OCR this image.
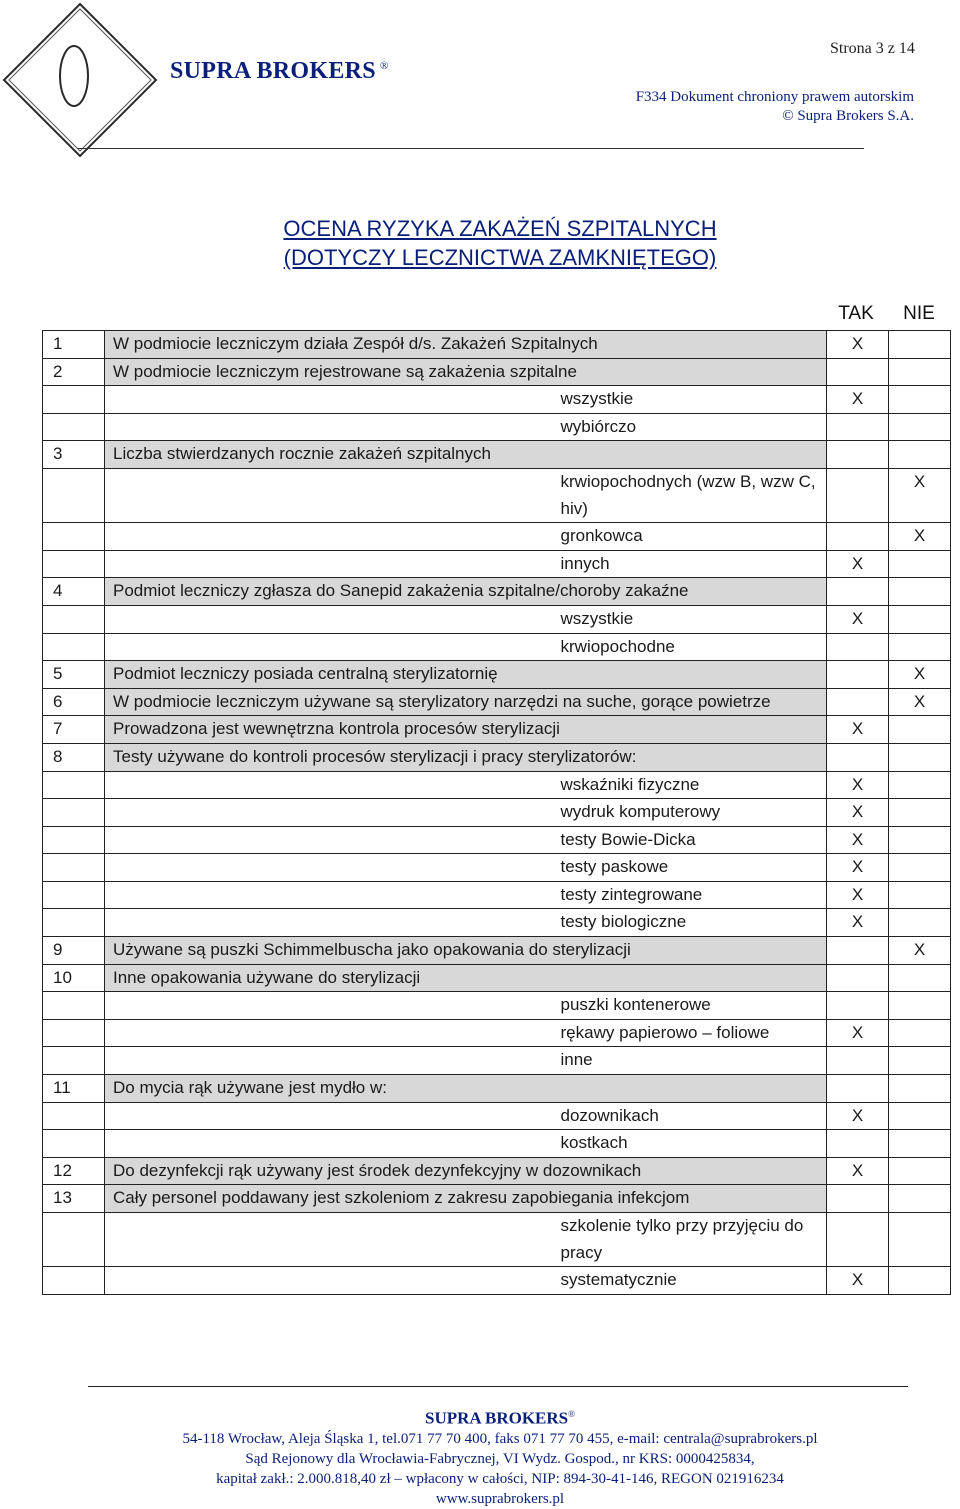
SUPRA BROKERS ®
Strona 3 z 14
F334 Dokument chroniony prawem autorskim
© Supra Brokers S.A.
OCENA RYZYKA ZAKAŻEŃ SZPITALNYCH
(DOTYCZY LECZNICTWA ZAMKNIĘTEGO)
TAK	NIE
1	W podmiocie leczniczym działa Zespół d/s. Zakażeń Szpitalnych		X	
2	W podmiocie leczniczym rejestrowane są zakażenia szpitalne			
		wszystkie	X	
		wybiórczo		
3	Liczba stwierdzanych rocznie zakażeń szpitalnych			
		krwiopochodnych (wzw B, wzw C, hiv)		X
		gronkowca		X
		innych	X	
4	Podmiot leczniczy zgłasza do Sanepid zakażenia szpitalne/choroby zakaźne			
		wszystkie	X	
		krwiopochodne		
5	Podmiot leczniczy posiada centralną sterylizatornię			X
6	W podmiocie leczniczym używane są sterylizatory narzędzi na suche, gorące powietrze			X
7	Prowadzona jest wewnętrzna kontrola procesów sterylizacji		X	
8	Testy używane do kontroli procesów sterylizacji i pracy sterylizatorów:			
		wskaźniki fizyczne	X	
		wydruk komputerowy	X	
		testy Bowie-Dicka	X	
		testy paskowe	X	
		testy zintegrowane	X	
		testy biologiczne	X	
9	Używane są puszki Schimmelbuscha jako opakowania do sterylizacji			X
10	Inne opakowania używane do sterylizacji			
		puszki kontenerowe		
		rękawy papierowo – foliowe	X	
		inne		
11	Do mycia rąk używane jest mydło w:			
		dozownikach	X	
		kostkach		
12	Do dezynfekcji rąk używany jest środek dezynfekcyjny w dozownikach		X	
13	Cały personel poddawany jest szkoleniom z zakresu zapobiegania infekcjom			
		szkolenie tylko przy przyjęciu do pracy		
		systematycznie	X	
SUPRA BROKERS®
54-118 Wrocław, Aleja Śląska 1, tel.071 77 70 400, faks 071 77 70 455, e-mail: centrala@suprabrokers.pl
Sąd Rejonowy dla Wrocławia-Fabrycznej, VI Wydz. Gospod., nr KRS: 0000425834,
kapitał zakł.: 2.000.818,40 zł – wpłacony w całości, NIP: 894-30-41-146, REGON 021916234
www.suprabrokers.pl
